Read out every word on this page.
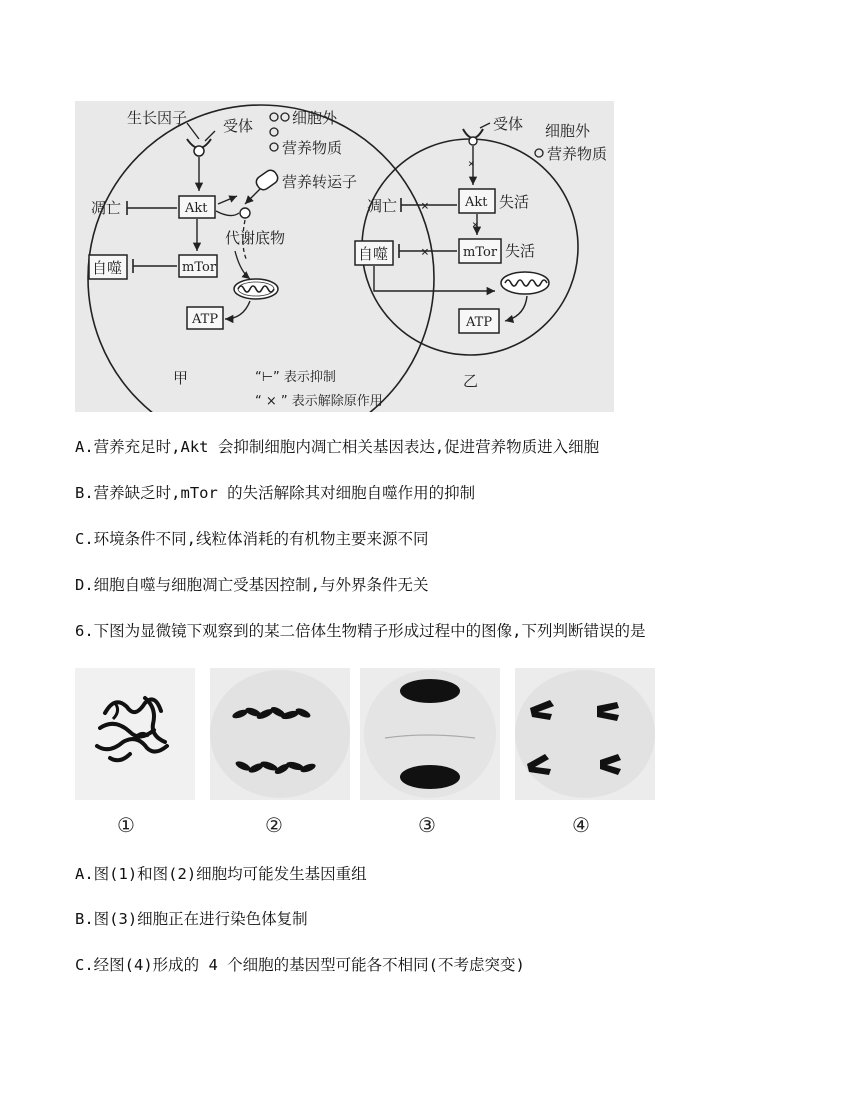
生长因子 受体	细胞外
营养物质
营养转运子
Akt
凋亡
代谢底物
mTor
自噬
ATP
甲	“⊢” 表示抑制
“ × ” 表示解除原作用
受体
×
细胞外
营养物质
Akt 失活
凋亡 ×
×
mTor 失活
自噬	×
ATP
乙
A.营养充足时,Akt 会抑制细胞内凋亡相关基因表达,促进营养物质进入细胞
B.营养缺乏时,mTor 的失活解除其对细胞自噬作用的抑制
C.环境条件不同,线粒体消耗的有机物主要来源不同
D.细胞自噬与细胞凋亡受基因控制,与外界条件无关
6.下图为显微镜下观察到的某二倍体生物精子形成过程中的图像,下列判断错误的是
①	②	③	④
A.图(1)和图(2)细胞均可能发生基因重组
B.图(3)细胞正在进行染色体复制
C.经图(4)形成的 4 个细胞的基因型可能各不相同(不考虑突变)
